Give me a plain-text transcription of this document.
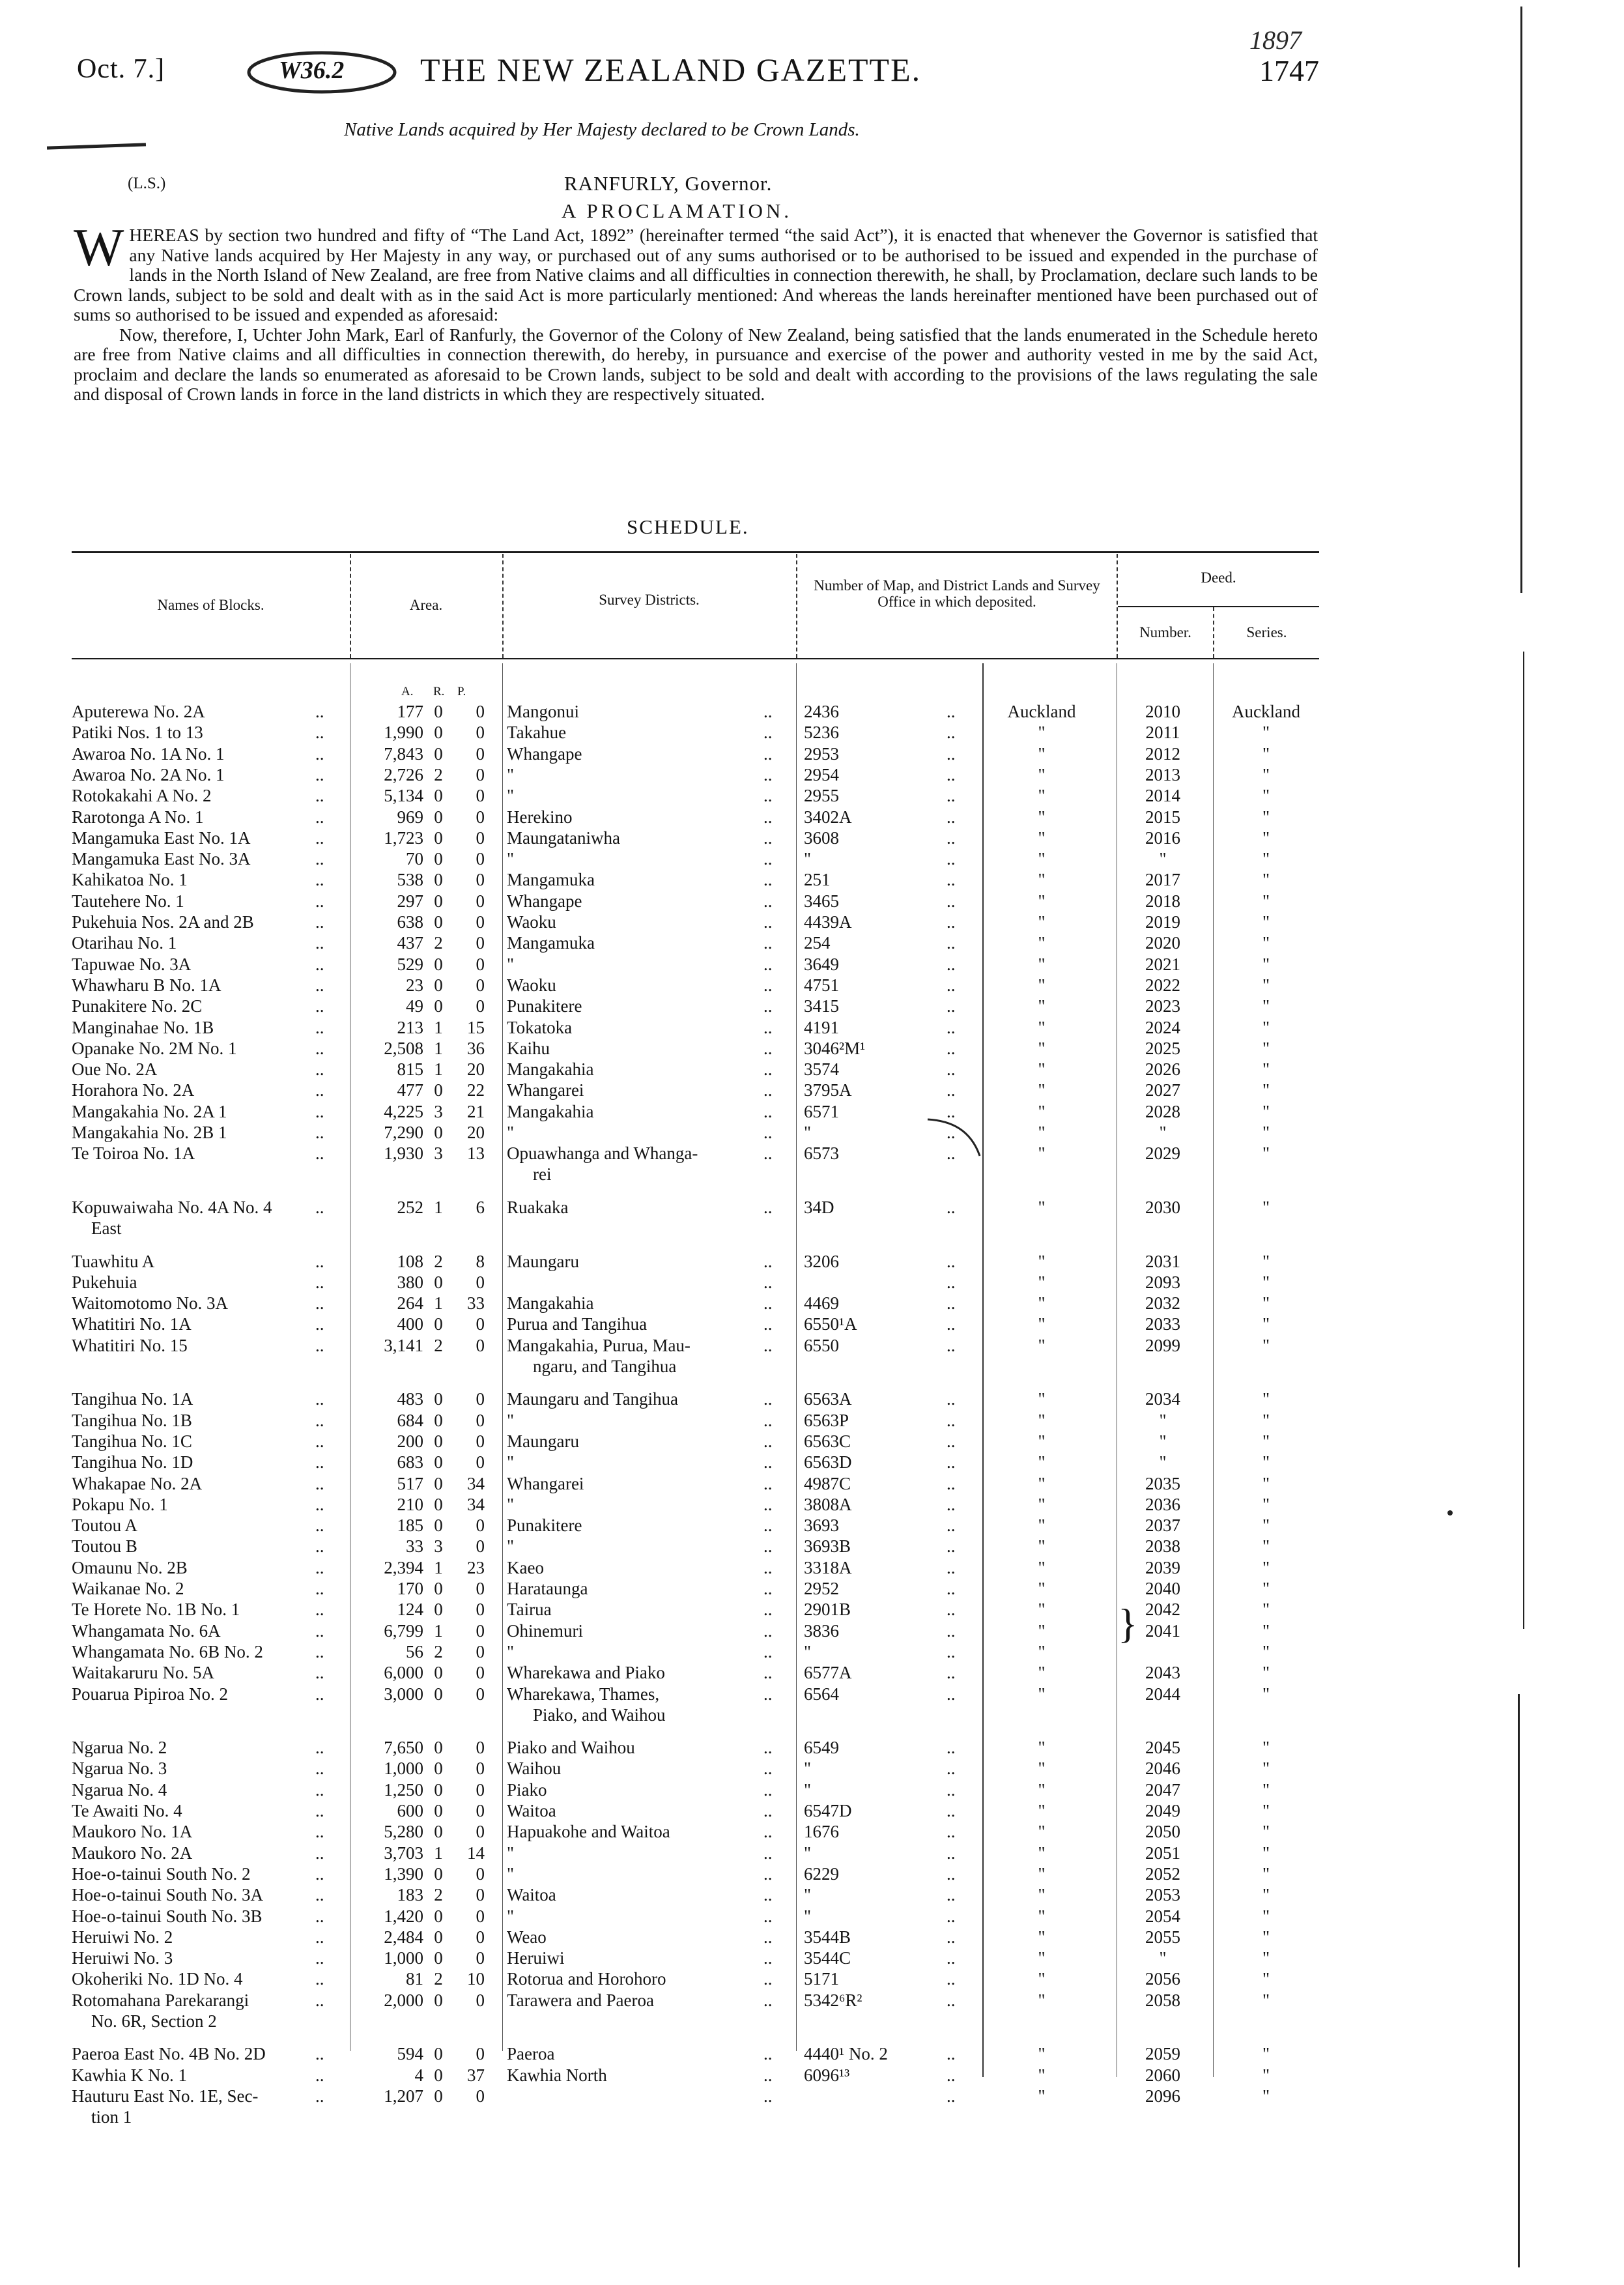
1897
Oct. 7.]	W36.2 THE NEW ZEALAND GAZETTE.	1747
Native Lands acquired by Her Majesty declared to be Crown Lands.
(L.S.)	RANFURLY, Governor.
A PROCLAMATION.

WHEREAS by section two hundred and fifty of “The Land Act, 1892” (hereinafter termed “the said Act”), it is enacted that whenever the Governor is satisfied that any Native lands acquired by Her Majesty in any way, or purchased out of any sums authorised or to be authorised to be issued and expended in the purchase of lands in the North Island of New Zealand, are free from Native claims and all difficulties in connection therewith, he shall, by Proclamation, declare such lands to be Crown lands, subject to be sold and dealt with as in the said Act is more particularly mentioned: And whereas the lands hereinafter mentioned have been purchased out of sums so authorised to be issued and expended as aforesaid:

Now, therefore, I, Uchter John Mark, Earl of Ranfurly, the Governor of the Colony of New Zealand, being satisfied that the lands enumerated in the Schedule hereto are free from Native claims and all difficulties in connection therewith, do hereby, in pursuance and exercise of the power and authority vested in me by the said Act, proclaim and declare the lands so enumerated as aforesaid to be Crown lands, subject to be sold and dealt with according to the provisions of the laws regulating the sale and disposal of Crown lands in force in the land districts in which they are respectively situated.

SCHEDULE.
Names of Blocks.	Area.	Survey Districts.
Number of Map, and District Lands and Survey Office in which deposited.
Deed.
Number.	Series.
A. R. P.
Aputerewa No. 2A	177 0	0 Mangonui	2436	Auckland	2010	Auckland
..	..	..
Patiki Nos. 1 to 13	1,990 0	0 Takahue	5236	"	2011	"
..	..	..
Awaroa No. 1A No. 1	7,843 0	0 Whangape	2953	"	2012	"
..	..	..
Awaroa No. 2A No. 1	2,726 2	0 "	2954	"	2013	"
..	..	..
Rotokakahi A No. 2	5,134 0	0 "	2955	"	2014	"
..	..	..
Rarotonga A No. 1	969 0	0 Herekino	3402A	"	2015	"
..	..	..
Mangamuka East No. 1A	1,723 0	0 Maungataniwha	3608	"	2016	"
..	..	..
Mangamuka East No. 3A	70 0	0 "	"	"	"	"
..	..	..
Kahikatoa No. 1	538 0	0 Mangamuka	251	"	2017	"
..	..	..
Tautehere No. 1	297 0	0 Whangape	3465	"	2018	"
..	..	..
Pukehuia Nos. 2A and 2B	638 0	0 Waoku	4439A	"	2019	"
..	..	..
Otarihau No. 1	437 2	0 Mangamuka	254	"	2020	"
..	..	..
Tapuwae No. 3A	529 0	0 "	3649	"	2021	"
..	..	..
Whawharu B No. 1A	23 0	0 Waoku	4751	"	2022	"
..	..	..
Punakitere No. 2C	49 0	0 Punakitere	3415	"	2023	"
..	..	..
Manginahae No. 1B	213 1	15 Tokatoka	4191	"	2024	"
..	..	..
Opanake No. 2M No. 1	2,508 1	36 Kaihu	3046²M¹	"	2025	"
..	..	..
Oue No. 2A	815 1	20 Mangakahia	3574	"	2026	"
..	..	..
Horahora No. 2A	477 0	22 Whangarei	3795A	"	2027	"
..	..	..
Mangakahia No. 2A 1	4,225 3	21 Mangakahia	6571	"	2028	"
..	..	..
Mangakahia No. 2B 1	7,290 0	20 "	"	"	"	"
..	..	..
Te Toiroa No. 1A	1,930 3	13 Opuawhanga and Whanga-	6573	"	2029	"
rei
..	..	..
Kopuwaiwaha No. 4A No. 4	252 1	6 Ruakaka	34D	"	2030	"
East
..	..	..
Tuawhitu A	108 2	8 Maungaru	3206	"	2031	"
..	..	..
Pukehuia	380 0	0	"	2093	"
..	..	..
Waitomotomo No. 3A	264 1	33 Mangakahia	4469	"	2032	"
..	..	..
Whatitiri No. 1A	400 0	0 Purua and Tangihua	6550¹A	"	2033	"
..	..	..
Whatitiri No. 15	3,141 2	0 Mangakahia, Purua, Mau-	6550	"	2099	"
ngaru, and Tangihua
..	..	..
Tangihua No. 1A	483 0	0 Maungaru and Tangihua	6563A	"	2034	"
..	..	..
Tangihua No. 1B	684 0	0 "	6563P	"	"	"
..	..	..
Tangihua No. 1C	200 0	0 Maungaru	6563C	"	"	"
..	..	..
Tangihua No. 1D	683 0	0 "	6563D	"	"	"
..	..	..
Whakapae No. 2A	517 0	34 Whangarei	4987C	"	2035	"
..	..	..
Pokapu No. 1	210 0	34 "	3808A	"	2036	"
..	..	..
Toutou A	185 0	0 Punakitere	3693	"	2037	"
..	..	..
Toutou B	33 3	0 "	3693B	"	2038	"
..	..	..
Omaunu No. 2B	2,394 1	23 Kaeo	3318A	"	2039	"
..	..	..
Waikanae No. 2	170 0	0 Harataunga	2952	"	2040	"
..	..	..
Te Horete No. 1B No. 1	124 0	0 Tairua	2901B	"	2042	"
..	..	..
Whangamata No. 6A	6,799 1	0 Ohinemuri	3836	"	2041	"
..	..	..
Whangamata No. 6B No. 2	56 2	0 "	"	"	"
..	..	..
Waitakaruru No. 5A	6,000 0	0 Wharekawa and Piako	6577A	"	2043	"
..	..	..
Pouarua Pipiroa No. 2	3,000 0	0 Wharekawa, Thames,	6564	"	2044	"
Piako, and Waihou
..	..	..
Ngarua No. 2	7,650 0	0 Piako and Waihou	6549	"	2045	"
..	..	..
Ngarua No. 3	1,000 0	0 Waihou	"	"	2046	"
..	..	..
Ngarua No. 4	1,250 0	0 Piako	"	"	2047	"
..	..	..
Te Awaiti No. 4	600 0	0 Waitoa	6547D	"	2049	"
..	..	..
Maukoro No. 1A	5,280 0	0 Hapuakohe and Waitoa	1676	"	2050	"
..	..	..
Maukoro No. 2A	3,703 1	14 "	"	"	2051	"
..	..	..
Hoe-o-tainui South No. 2	1,390 0	0 "	6229	"	2052	"
..	..	..
Hoe-o-tainui South No. 3A	183 2	0 Waitoa	"	"	2053	"
..	..	..
Hoe-o-tainui South No. 3B	1,420 0	0 "	"	"	2054	"
..	..	..
Heruiwi No. 2	2,484 0	0 Weao	3544B	"	2055	"
..	..	..
Heruiwi No. 3	1,000 0	0 Heruiwi	3544C	"	"	"
..	..	..
Okoheriki No. 1D No. 4	81 2	10 Rotorua and Horohoro	5171	"	2056	"
..	..	..
Rotomahana Parekarangi	2,000 0	0 Tarawera and Paeroa	5342⁶R²	"	2058	"
No. 6R, Section 2
..	..	..
Paeroa East No. 4B No. 2D	594 0	0 Paeroa	4440¹ No. 2	"	2059	"
..	..	..
Kawhia K No. 1	4 0	37 Kawhia North	6096¹³	"	2060	"
..	..	..
Hauturu East No. 1E, Sec-	1,207 0	0	"	2096	"
tion 1
..	..	..
}
